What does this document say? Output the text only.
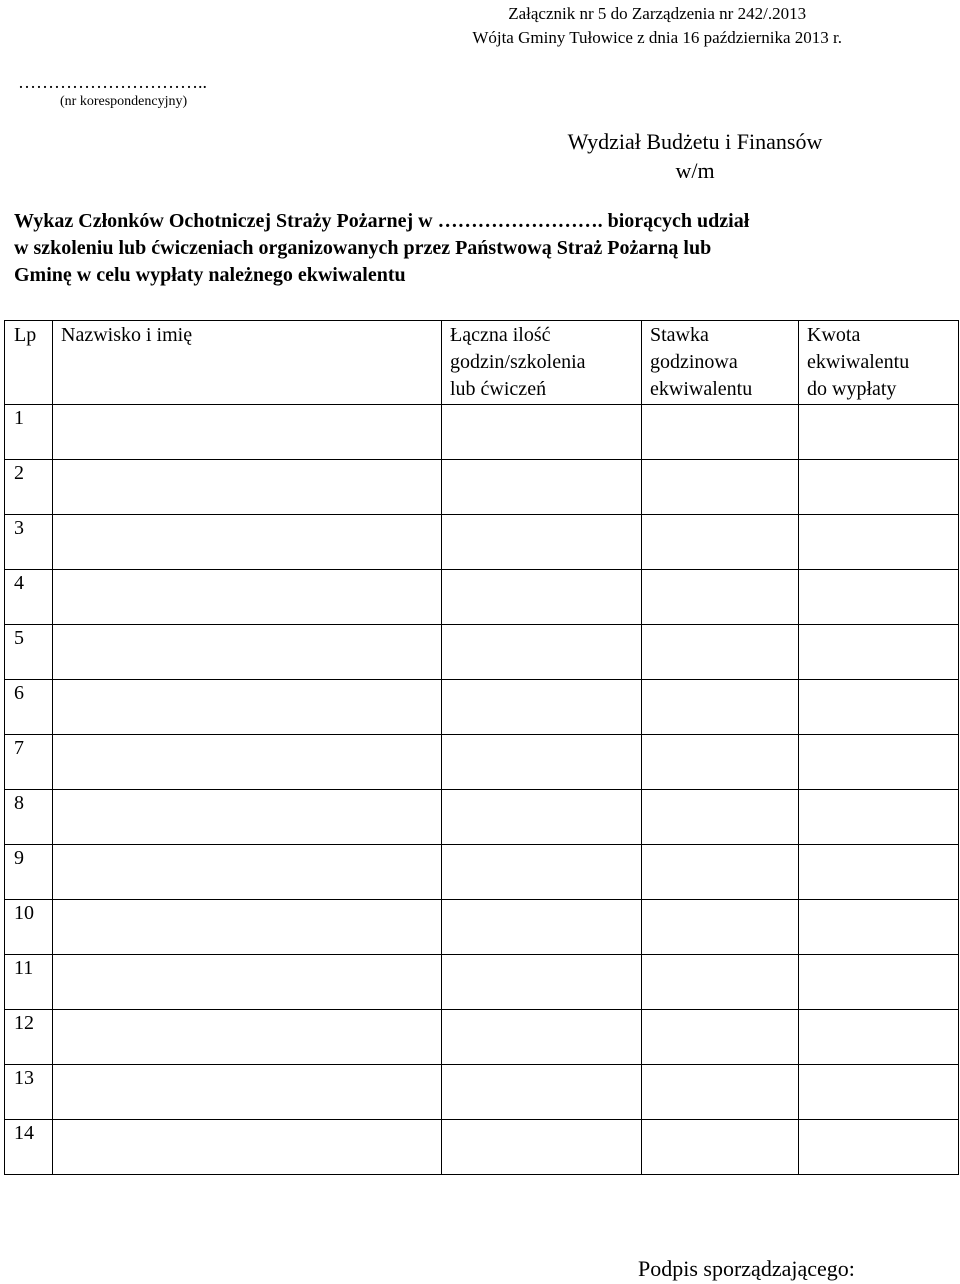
Załącznik nr 5 do Zarządzenia nr 242/.2013
Wójta Gminy Tułowice z dnia 16 października 2013 r.
…………………………..
(nr korespondencyjny)
Wydział Budżetu i Finansów
w/m
Wykaz Członków Ochotniczej Straży Pożarnej w ……………………. biorących udział
w szkoleniu lub ćwiczeniach organizowanych przez Państwową Straż Pożarną lub
Gminę w celu wypłaty należnego ekwiwalentu
Lp	Nazwisko i imię	Łączna ilość
godzin/szkolenia
lub ćwiczeń	Stawka
godzinowa
ekwiwalentu	Kwota
ekwiwalentu
do wypłaty

1				
2				
3				
4				
5				
6				
7				
8				
9				
10				
11				
12				
13				
14				
Podpis sporządzającego:
